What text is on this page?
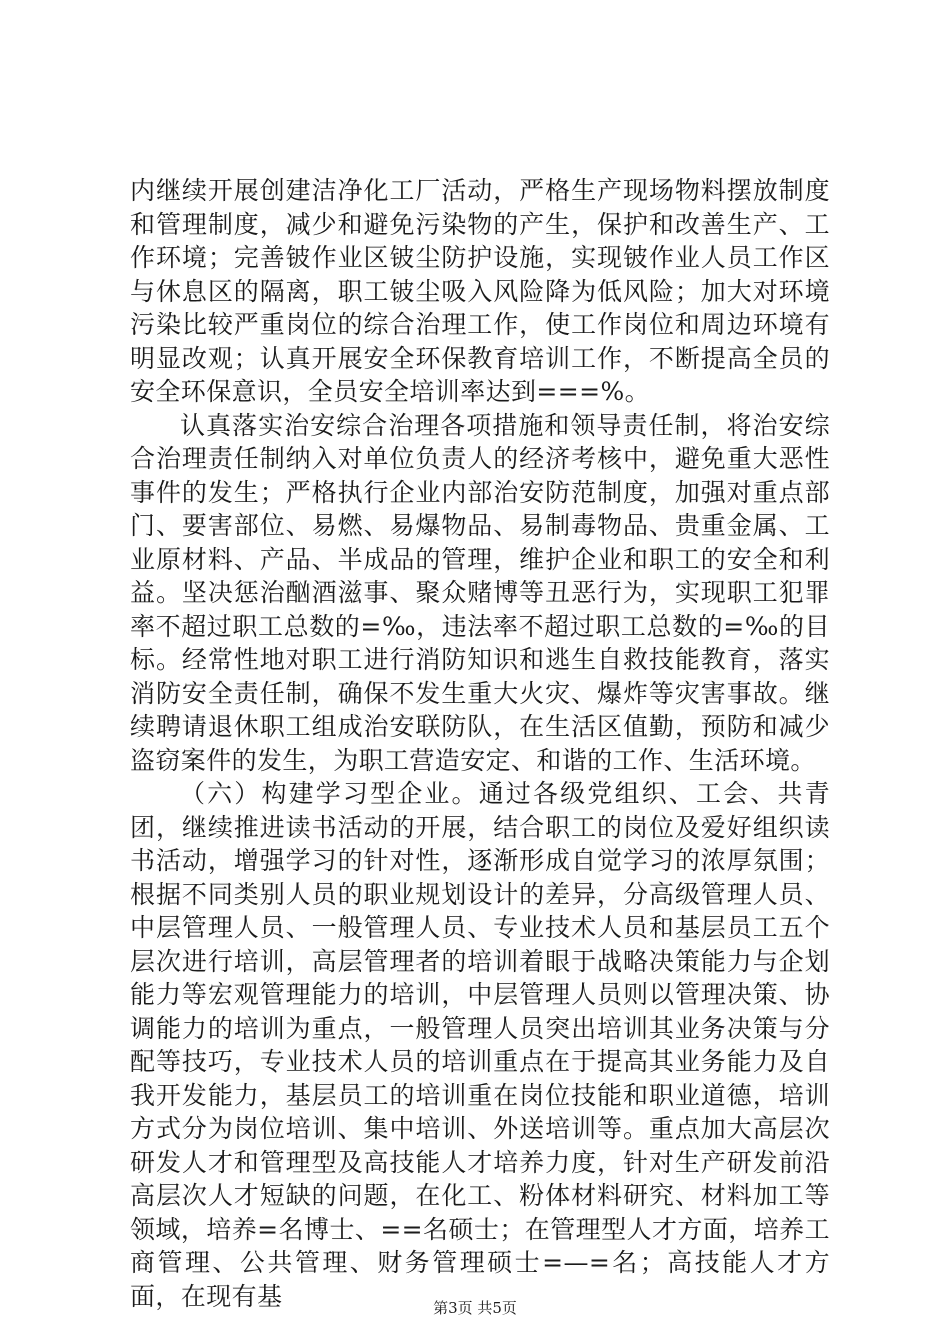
内继续开展创建洁净化工厂活动，严格生产现场物料摆放制度和管理制度，减少和避免污染物的产生，保护和改善生产、工作环境；完善铍作业区铍尘防护设施，实现铍作业人员工作区与休息区的隔离，职工铍尘吸入风险降为低风险；加大对环境污染比较严重岗位的综合治理工作，使工作岗位和周边环境有明显改观；认真开展安全环保教育培训工作，不断提高全员的安全环保意识，全员安全培训率达到===%。

认真落实治安综合治理各项措施和领导责任制，将治安综合治理责任制纳入对单位负责人的经济考核中，避免重大恶性事件的发生；严格执行企业内部治安防范制度，加强对重点部门、要害部位、易燃、易爆物品、易制毒物品、贵重金属、工业原材料、产品、半成品的管理，维护企业和职工的安全和利益。坚决惩治酗酒滋事、聚众赌博等丑恶行为，实现职工犯罪率不超过职工总数的=‰，违法率不超过职工总数的=‰的目标。经常性地对职工进行消防知识和逃生自救技能教育，落实消防安全责任制，确保不发生重大火灾、爆炸等灾害事故。继续聘请退休职工组成治安联防队，在生活区值勤，预防和减少盗窃案件的发生，为职工营造安定、和谐的工作、生活环境。

（六）构建学习型企业。通过各级党组织、工会、共青团，继续推进读书活动的开展，结合职工的岗位及爱好组织读书活动，增强学习的针对性，逐渐形成自觉学习的浓厚氛围；根据不同类别人员的职业规划设计的差异，分高级管理人员、中层管理人员、一般管理人员、专业技术人员和基层员工五个层次进行培训，高层管理者的培训着眼于战略决策能力与企划能力等宏观管理能力的培训，中层管理人员则以管理决策、协调能力的培训为重点，一般管理人员突出培训其业务决策与分配等技巧，专业技术人员的培训重点在于提高其业务能力及自我开发能力，基层员工的培训重在岗位技能和职业道德，培训方式分为岗位培训、集中培训、外送培训等。重点加大高层次研发人才和管理型及高技能人才培养力度，针对生产研发前沿高层次人才短缺的问题，在化工、粉体材料研究、材料加工等领域，培养=名博士、==名硕士；在管理型人才方面，培养工商管理、公共管理、财务管理硕士=—=名；高技能人才方面，在现有基	第3页 共5页
